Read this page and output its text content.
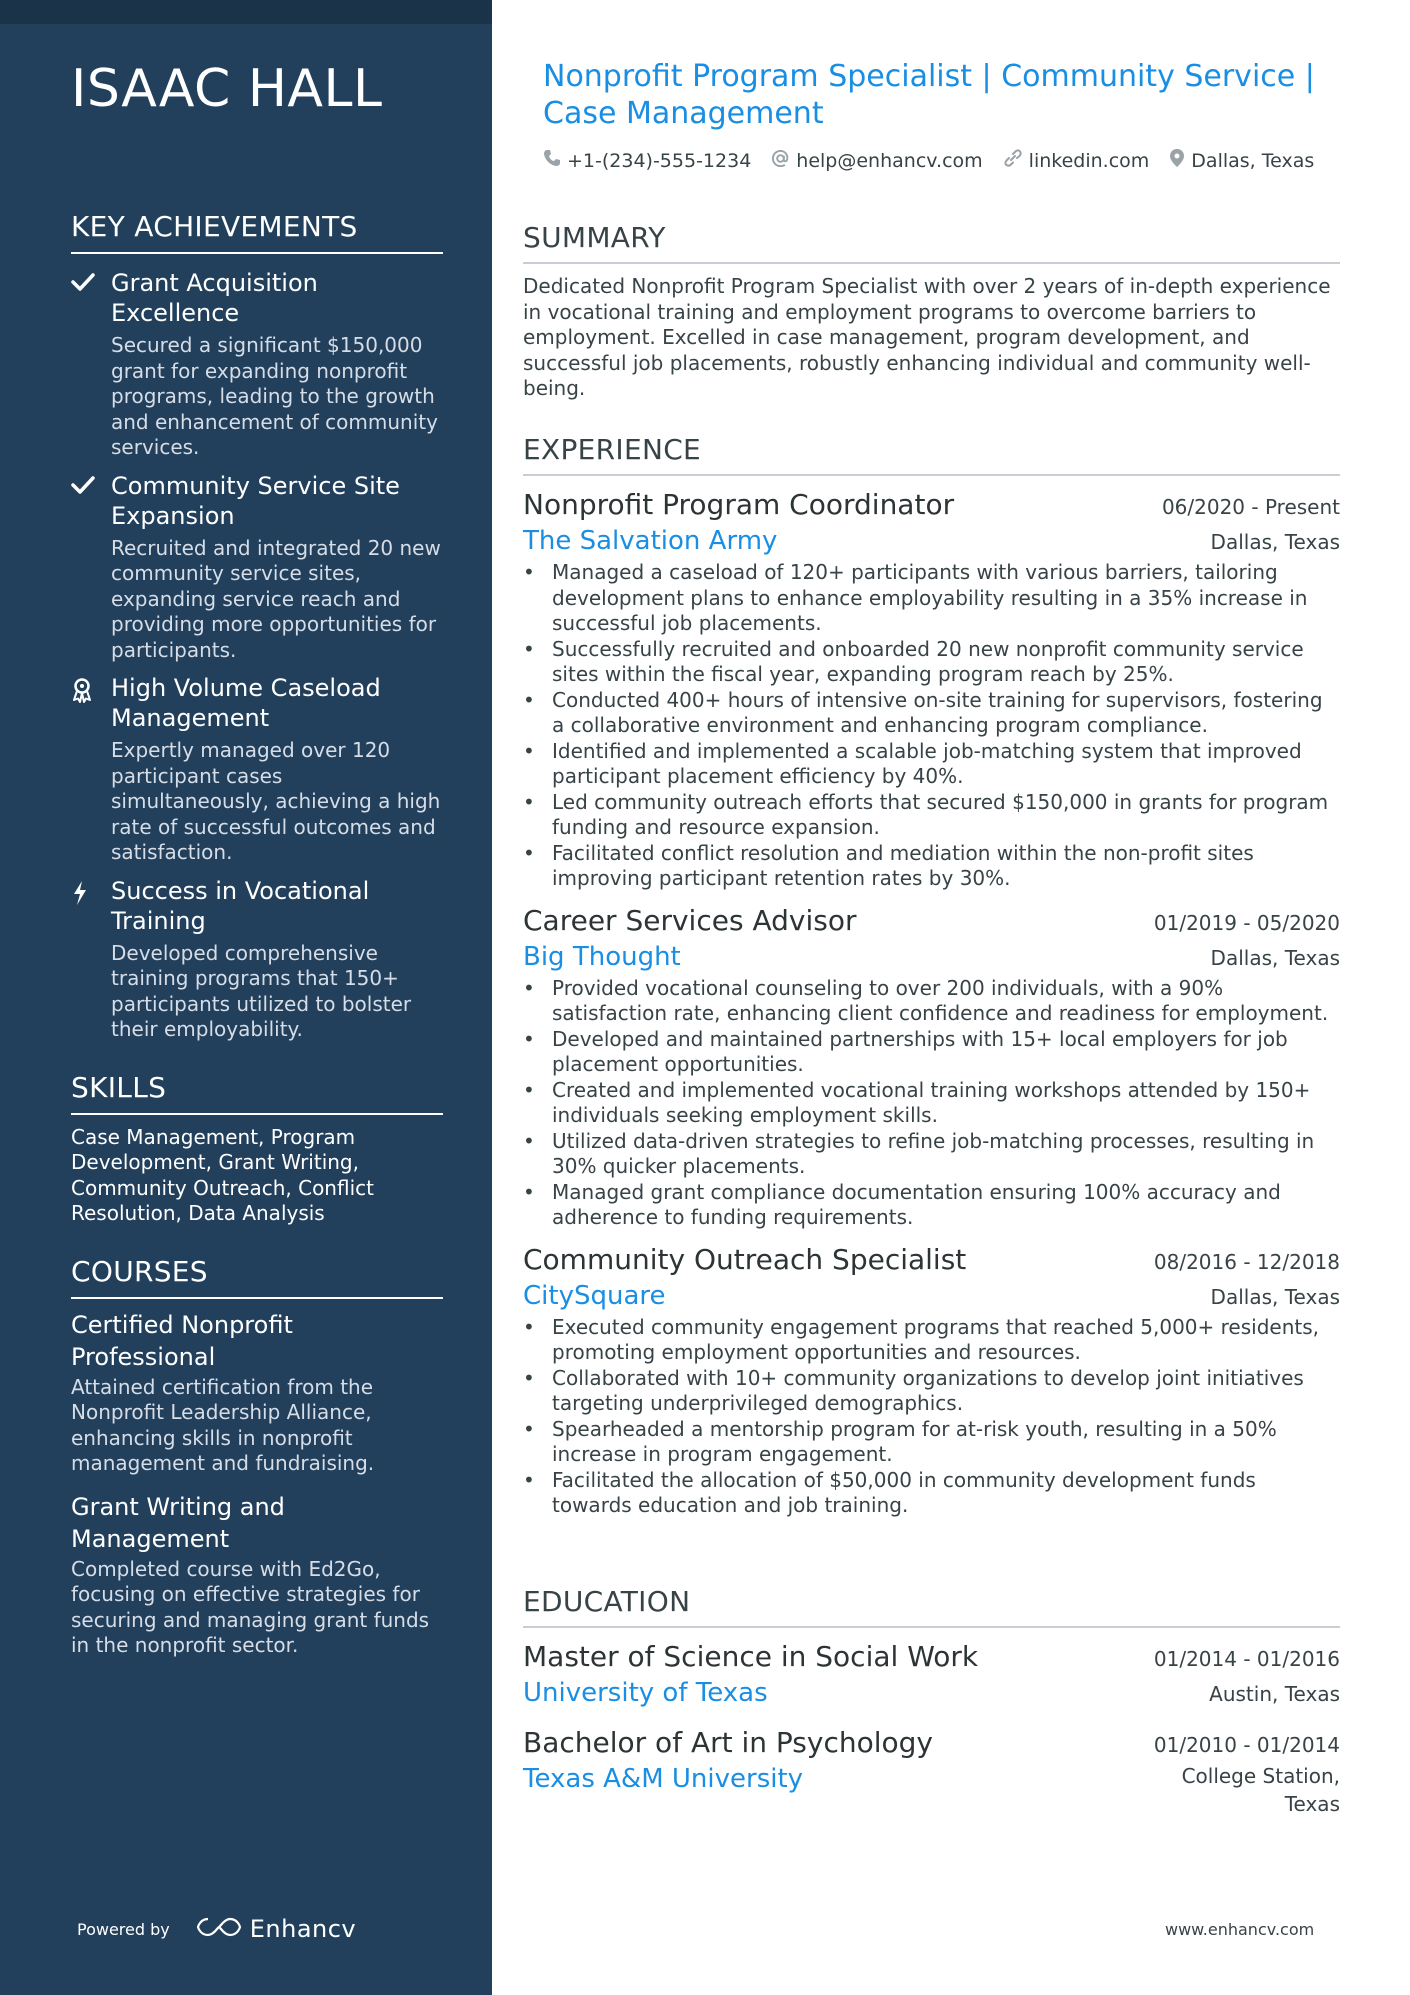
ISAAC HALL
KEY ACHIEVEMENTS
Grant Acquisition Excellence
Secured a significant $150,000 grant for expanding nonprofit programs, leading to the growth and enhancement of community services.
Community Service Site Expansion
Recruited and integrated 20 new community service sites, expanding service reach and providing more opportunities for participants.
High Volume Caseload Management
Expertly managed over 120 participant cases simultaneously, achieving a high rate of successful outcomes and satisfaction.
Success in Vocational Training
Developed comprehensive training programs that 150+ participants utilized to bolster their employability.
SKILLS
Case Management, Program Development, Grant Writing, Community Outreach, Conflict Resolution, Data Analysis
COURSES
Certified Nonprofit Professional
Attained certification from the Nonprofit Leadership Alliance, enhancing skills in nonprofit management and fundraising.
Grant Writing and Management
Completed course with Ed2Go, focusing on effective strategies for securing and managing grant funds in the nonprofit sector.
Powered by	Enhancv
Nonprofit Program Specialist | Community Service | Case Management
+1-(234)-555-1234 help@enhancv.com linkedin.com Dallas, Texas
SUMMARY
Dedicated Nonprofit Program Specialist with over 2 years of in-depth experience in vocational training and employment programs to overcome barriers to employment. Excelled in case management, program development, and successful job placements, robustly enhancing individual and community well-being.
EXPERIENCE
Nonprofit Program Coordinator	06/2020 - Present
The Salvation Army	Dallas, Texas
• Managed a caseload of 120+ participants with various barriers, tailoring development plans to enhance employability resulting in a 35% increase in successful job placements.
• Successfully recruited and onboarded 20 new nonprofit community service sites within the fiscal year, expanding program reach by 25%.
• Conducted 400+ hours of intensive on-site training for supervisors, fostering a collaborative environment and enhancing program compliance.
• Identified and implemented a scalable job-matching system that improved participant placement efficiency by 40%.
• Led community outreach efforts that secured $150,000 in grants for program funding and resource expansion.
• Facilitated conflict resolution and mediation within the non-profit sites improving participant retention rates by 30%.
Career Services Advisor	01/2019 - 05/2020
Big Thought	Dallas, Texas
• Provided vocational counseling to over 200 individuals, with a 90% satisfaction rate, enhancing client confidence and readiness for employment.
• Developed and maintained partnerships with 15+ local employers for job placement opportunities.
• Created and implemented vocational training workshops attended by 150+ individuals seeking employment skills.
• Utilized data-driven strategies to refine job-matching processes, resulting in 30% quicker placements.
• Managed grant compliance documentation ensuring 100% accuracy and adherence to funding requirements.
Community Outreach Specialist	08/2016 - 12/2018
CitySquare	Dallas, Texas
• Executed community engagement programs that reached 5,000+ residents, promoting employment opportunities and resources.
• Collaborated with 10+ community organizations to develop joint initiatives targeting underprivileged demographics.
• Spearheaded a mentorship program for at-risk youth, resulting in a 50% increase in program engagement.
• Facilitated the allocation of $50,000 in community development funds towards education and job training.
EDUCATION
Master of Science in Social Work	01/2014 - 01/2016
University of Texas	Austin, Texas
Bachelor of Art in Psychology	01/2010 - 01/2014
Texas A&M University	College Station, Texas
www.enhancv.com
